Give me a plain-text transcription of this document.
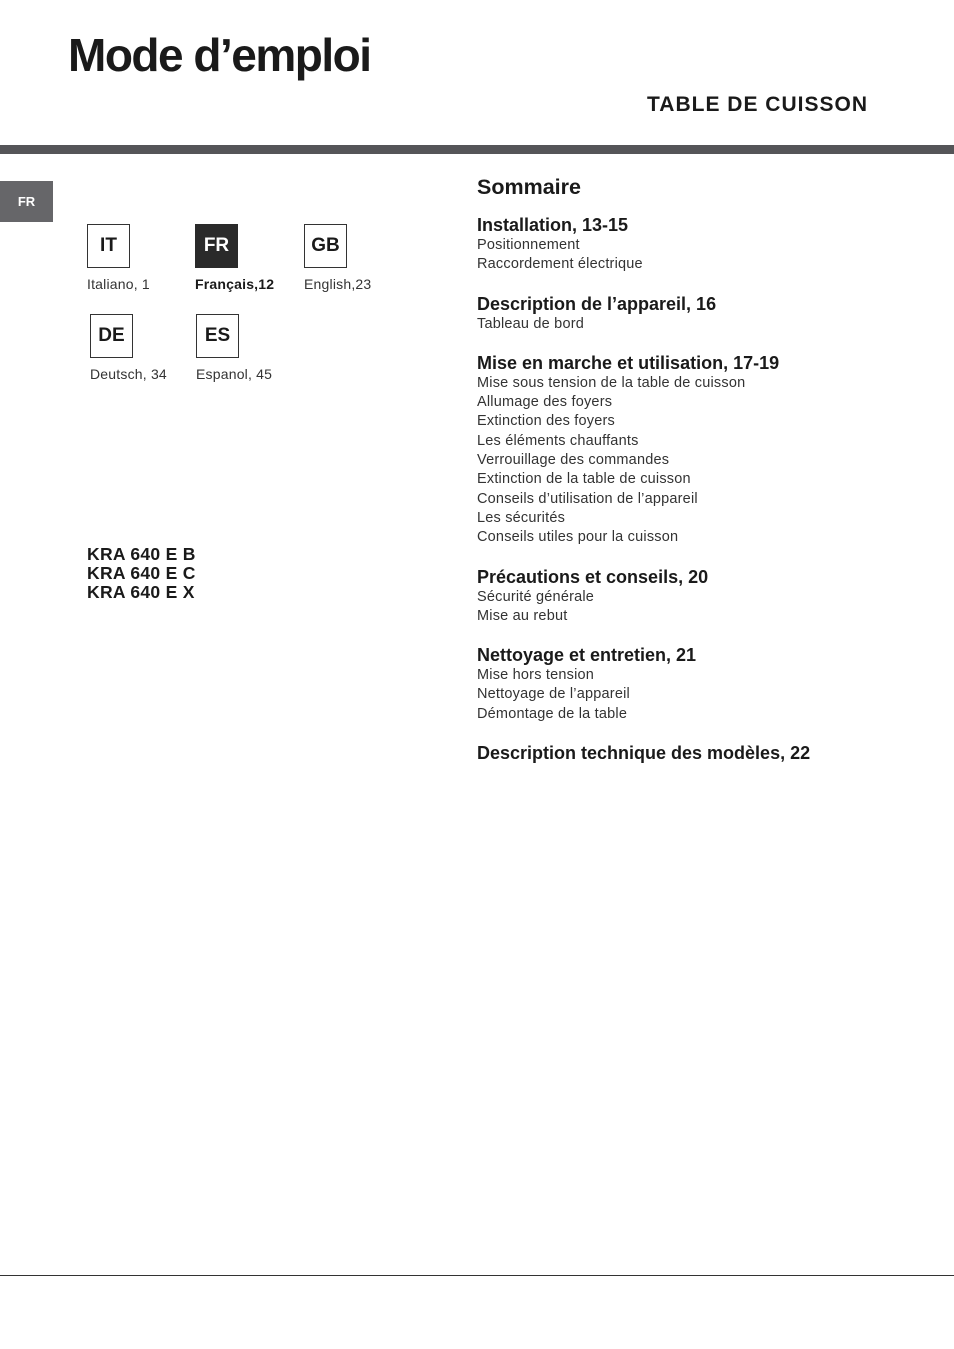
Mode d’emploi
TABLE DE CUISSON
FR
IT
Italiano, 1
FR
Français,12
GB
English,23
DE
Deutsch, 34
ES
Espanol, 45
KRA 640 E B
KRA 640 E C
KRA 640 E X
Sommaire
Installation, 13-15
Positionnement
Raccordement électrique
Description de l’appareil, 16
Tableau de bord
Mise en marche et utilisation, 17-19
Mise sous tension de la table de cuisson
Allumage des foyers
Extinction des foyers
Les éléments chauffants
Verrouillage des commandes
Extinction de la table de cuisson
Conseils d’utilisation de l’appareil
Les sécurités
Conseils utiles pour la cuisson
Précautions et conseils, 20
Sécurité générale
Mise au rebut
Nettoyage et entretien, 21
Mise hors tension
Nettoyage de l’appareil
Démontage de la table
Description technique des modèles, 22
